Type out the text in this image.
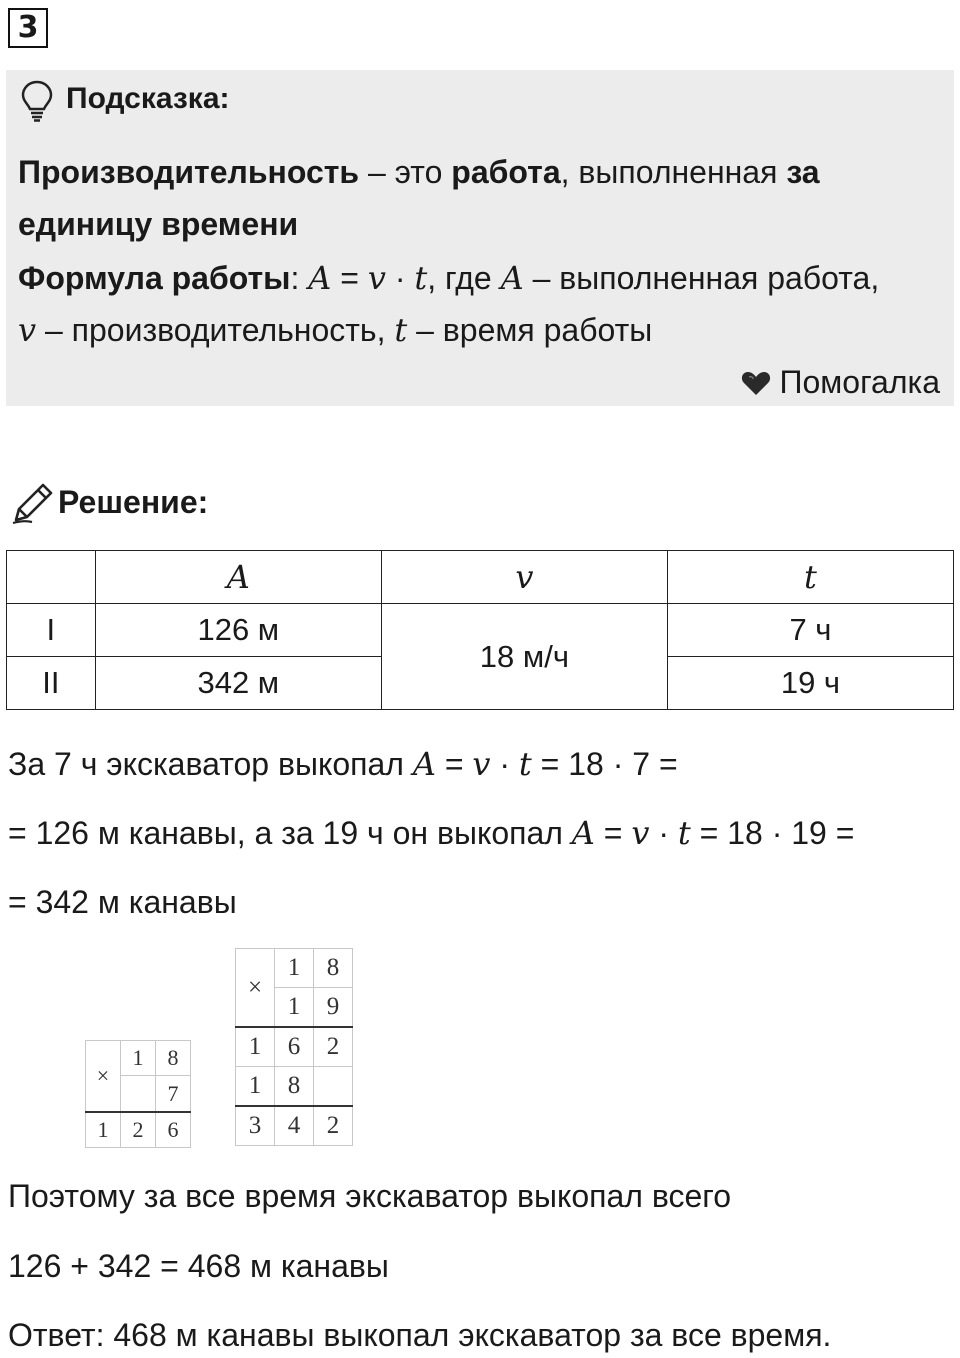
3
Подсказка:
Производительность – это работа, выполненная за
единицу времени
Формула работы: A = v · t, где A – выполненная работа,
v – производительность, t – время работы
Помогалка
Решение:
	A	v	t
I	126 м	18 м/ч	7 ч
II	342 м		19 ч
За 7 ч экскаватор выкопал A = v · t = 18 · 7 =
= 126 м канавы, а за 19 ч он выкопал A = v · t = 18 · 19 =
= 342 м канавы
×	1	8
		7
1	2	6
×	1	8
	1	9
1	6	2
1	8	
3	4	2
Поэтому за все время экскаватор выкопал всего
126 + 342 = 468 м канавы
Ответ: 468 м канавы выкопал экскаватор за все время.
